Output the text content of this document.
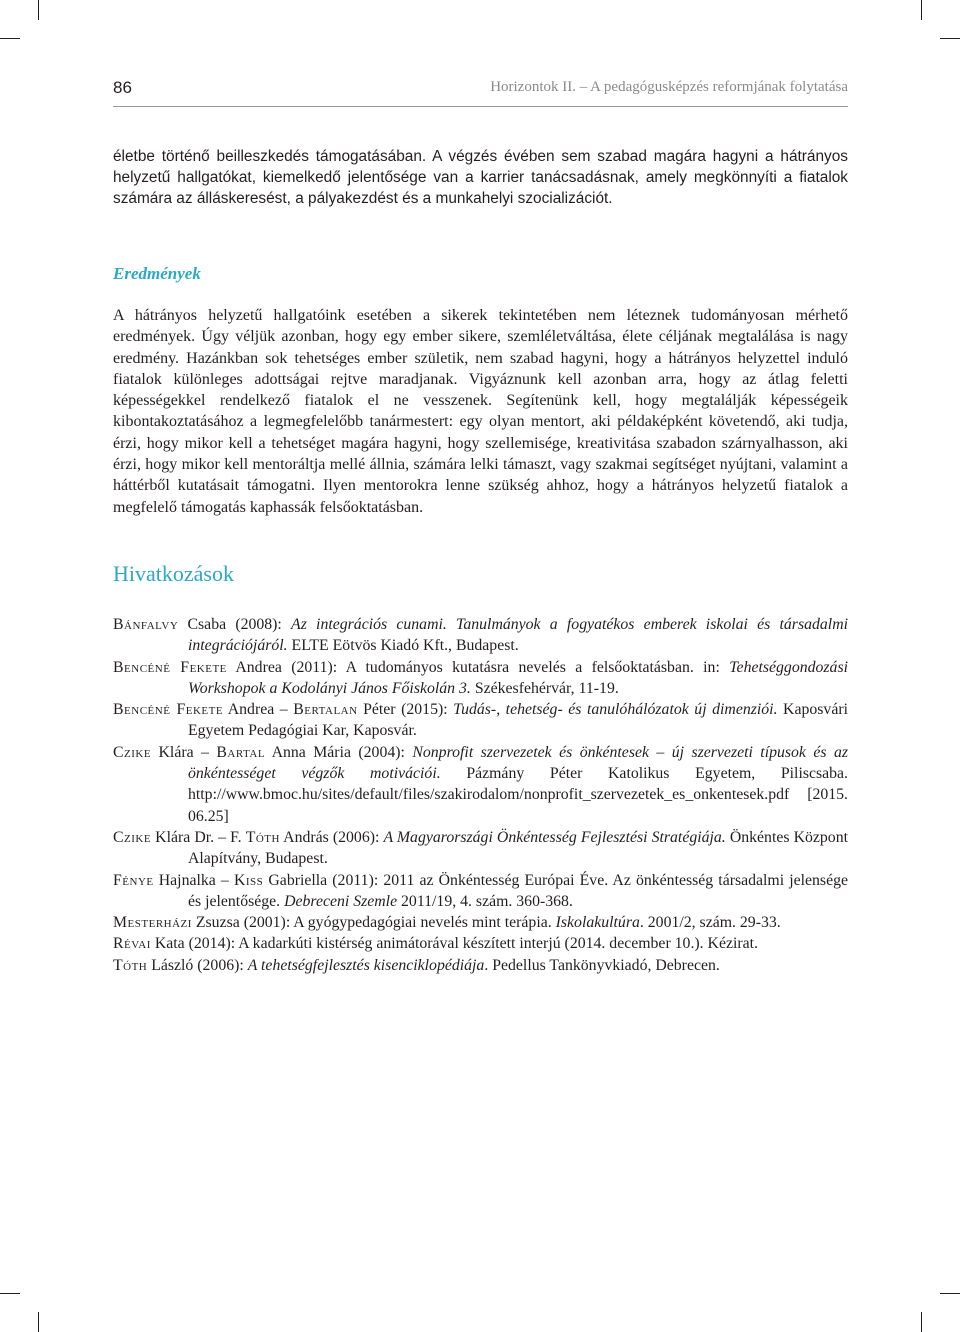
86	Horizontok II. – A pedagógusképzés reformjának folytatása

életbe történő beilleszkedés támogatásában. A végzés évében sem szabad magára hagyni a hátrányos helyzetű hallgatókat, kiemelkedő jelentősége van a karrier tanácsadásnak, amely megkönnyíti a fiatalok számára az álláskeresést, a pályakezdést és a munkahelyi szocializációt.

Eredmények

A hátrányos helyzetű hallgatóink esetében a sikerek tekintetében nem léteznek tudományosan mérhető eredmények. Úgy véljük azonban, hogy egy ember sikere, szemléletváltása, élete céljának megtalálása is nagy eredmény. Hazánkban sok tehetséges ember születik, nem szabad hagyni, hogy a hátrányos helyzettel induló fiatalok különleges adottságai rejtve maradjanak. Vigyáznunk kell azonban arra, hogy az átlag feletti képességekkel rendelkező fiatalok el ne vesszenek. Segítenünk kell, hogy megtalálják képességeik kibontakoztatásához a legmegfelelőbb tanármestert: egy olyan mentort, aki példaképként követendő, aki tudja, érzi, hogy mikor kell a tehetséget magára hagyni, hogy szellemisége, kreativitása szabadon szárnyalhasson, aki érzi, hogy mikor kell mentoráltja mellé állnia, számára lelki támaszt, vagy szakmai segítséget nyújtani, valamint a háttérből kutatásait támogatni. Ilyen mentorokra lenne szükség ahhoz, hogy a hátrányos helyzetű fiatalok a megfelelő támogatás kaphassák felsőoktatásban.

Hivatkozások

Bánfalvy Csaba (2008): Az integrációs cunami. Tanulmányok a fogyatékos emberek iskolai és társadalmi integrációjáról. ELTE Eötvös Kiadó Kft., Budapest.

Bencéné Fekete Andrea (2011): A tudományos kutatásra nevelés a felsőoktatásban. in: Tehetséggondozási Workshopok a Kodolányi János Főiskolán 3. Székesfehérvár, 11-19.

Bencéné Fekete Andrea – Bertalan Péter (2015): Tudás-, tehetség- és tanulóhálózatok új dimenziói. Kaposvári Egyetem Pedagógiai Kar, Kaposvár.

Czike Klára – Bartal Anna Mária (2004): Nonprofit szervezetek és önkéntesek – új szervezeti típusok és az önkéntességet végzők motivációi. Pázmány Péter Katolikus Egyetem, Piliscsaba. http://www.bmoc.hu/sites/default/files/szakirodalom/nonprofit_szervezetek_es_onkentesek.pdf [2015. 06.25]

Czike Klára Dr. – F. Tóth András (2006): A Magyarországi Önkéntesség Fejlesztési Stratégiája. Önkéntes Központ Alapítvány, Budapest.

Fénye Hajnalka – Kiss Gabriella (2011): 2011 az Önkéntesség Európai Éve. Az önkéntesség társadalmi jelensége és jelentősége. Debreceni Szemle 2011/19, 4. szám. 360-368.

Mesterházi Zsuzsa (2001): A gyógypedagógiai nevelés mint terápia. Iskolakultúra. 2001/2, szám. 29-33.

Révai Kata (2014): A kadarkúti kistérség animátorával készített interjú (2014. december 10.). Kézirat.

Tóth László (2006): A tehetségfejlesztés kisenciklopédiája. Pedellus Tankönyvkiadó, Debrecen.
